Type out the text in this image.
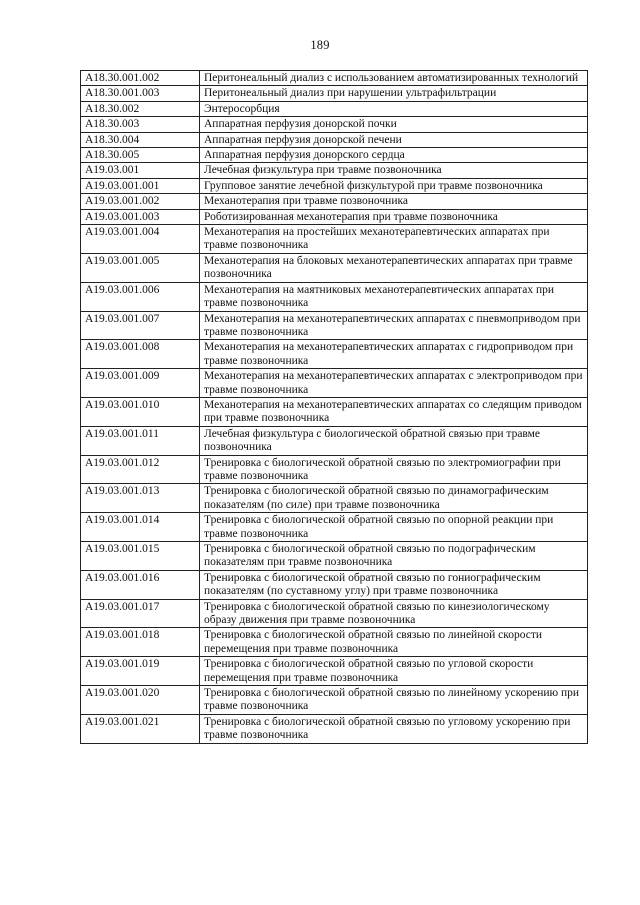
189
A18.30.001.002	Перитонеальный диализ с использованием автоматизированных технологий
A18.30.001.003	Перитонеальный диализ при нарушении ультрафильтрации
A18.30.002	Энтеросорбция
A18.30.003	Аппаратная перфузия донорской почки
A18.30.004	Аппаратная перфузия донорской печени
A18.30.005	Аппаратная перфузия донорского сердца
A19.03.001	Лечебная физкультура при травме позвоночника
A19.03.001.001	Групповое занятие лечебной физкультурой при травме позвоночника
A19.03.001.002	Механотерапия при травме позвоночника
A19.03.001.003	Роботизированная механотерапия при травме позвоночника
A19.03.001.004	Механотерапия на простейших механотерапевтических аппаратах при травме позвоночника
A19.03.001.005	Механотерапия на блоковых механотерапевтических аппаратах при травме позвоночника
A19.03.001.006	Механотерапия на маятниковых механотерапевтических аппаратах при травме позвоночника
A19.03.001.007	Механотерапия на механотерапевтических аппаратах с пневмоприводом при травме позвоночника
A19.03.001.008	Механотерапия на механотерапевтических аппаратах с гидроприводом при травме позвоночника
A19.03.001.009	Механотерапия на механотерапевтических аппаратах с электроприводом при травме позвоночника
A19.03.001.010	Механотерапия на механотерапевтических аппаратах со следящим приводом при травме позвоночника
A19.03.001.011	Лечебная физкультура с биологической обратной связью при травме позвоночника
A19.03.001.012	Тренировка с биологической обратной связью по электромиографии при травме позвоночника
A19.03.001.013	Тренировка с биологической обратной связью по динамографическим показателям (по силе) при травме позвоночника
A19.03.001.014	Тренировка с биологической обратной связью по опорной реакции при травме позвоночника
A19.03.001.015	Тренировка с биологической обратной связью по подографическим показателям при травме позвоночника
A19.03.001.016	Тренировка с биологической обратной связью по гониографическим показателям (по суставному углу) при травме позвоночника
A19.03.001.017	Тренировка с биологической обратной связью по кинезиологическому образу движения при травме позвоночника
A19.03.001.018	Тренировка с биологической обратной связью по линейной скорости перемещения при травме позвоночника
A19.03.001.019	Тренировка с биологической обратной связью по угловой скорости перемещения при травме позвоночника
A19.03.001.020	Тренировка с биологической обратной связью по линейному ускорению при травме позвоночника
A19.03.001.021	Тренировка с биологической обратной связью по угловому ускорению при травме позвоночника
